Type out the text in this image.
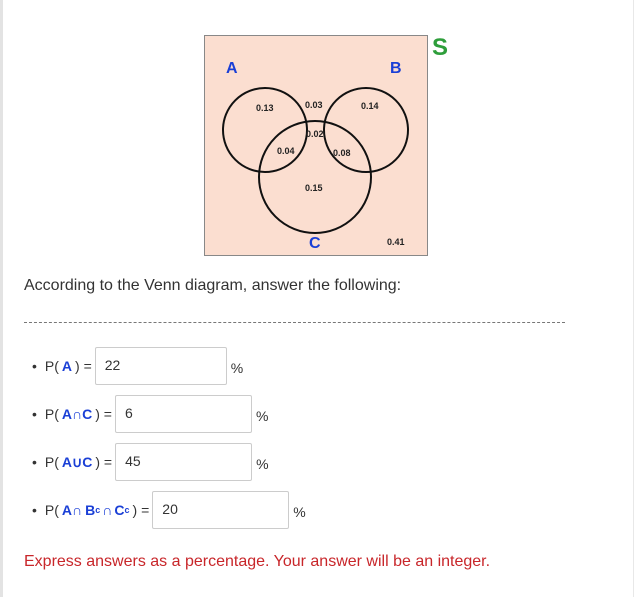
A	B
C
S
0.13	0.03	0.14
0.02
0.04	0.08
0.15
0.41
According to the Venn diagram, answer the following:
• P( A ) = 22	%
• P( A∩C ) = 6	%
• P( A∪C ) = 45	%
• P( A∩ B c ∩ C c ) = 20	%
Express answers as a percentage. Your answer will be an integer.
